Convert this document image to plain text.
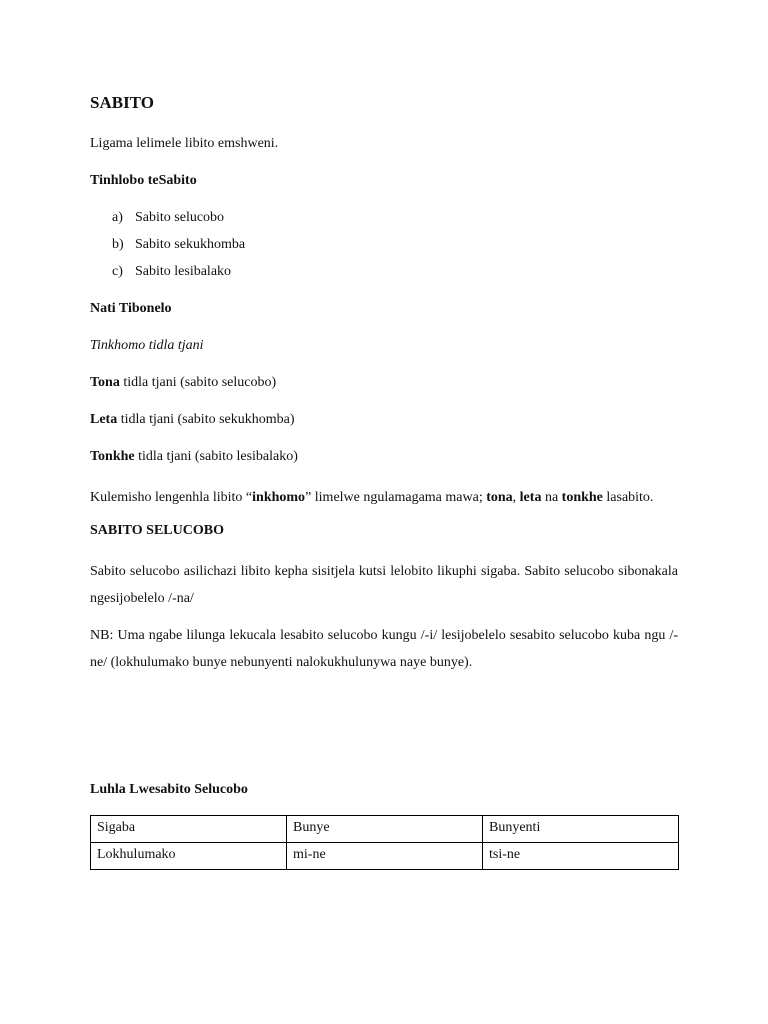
SABITO

Ligama lelimele libito emshweni.

Tinhlobo teSabito

a) Sabito selucobo
b) Sabito sekukhomba
c) Sabito lesibalako

Nati Tibonelo

Tinkhomo tidla tjani

Tona tidla tjani (sabito selucobo)

Leta tidla tjani (sabito sekukhomba)

Tonkhe tidla tjani (sabito lesibalako)

Kulemisho lengenhla libito “inkhomo” limelwe ngulamagama mawa; tona, leta na tonkhe lasabito.

SABITO SELUCOBO

Sabito selucobo asilichazi libito kepha sisitjela kutsi lelobito likuphi sigaba. Sabito selucobo sibonakala ngesijobelelo /-na/

NB: Uma ngabe lilunga lekucala lesabito selucobo kungu /-i/ lesijobelelo sesabito selucobo kuba ngu /-ne/ (lokhulumako bunye nebunyenti nalokukhulunywa naye bunye).

Luhla Lwesabito Selucobo

Sigaba	Bunye	Bunyenti
Lokhulumako	mi-ne	tsi-ne
